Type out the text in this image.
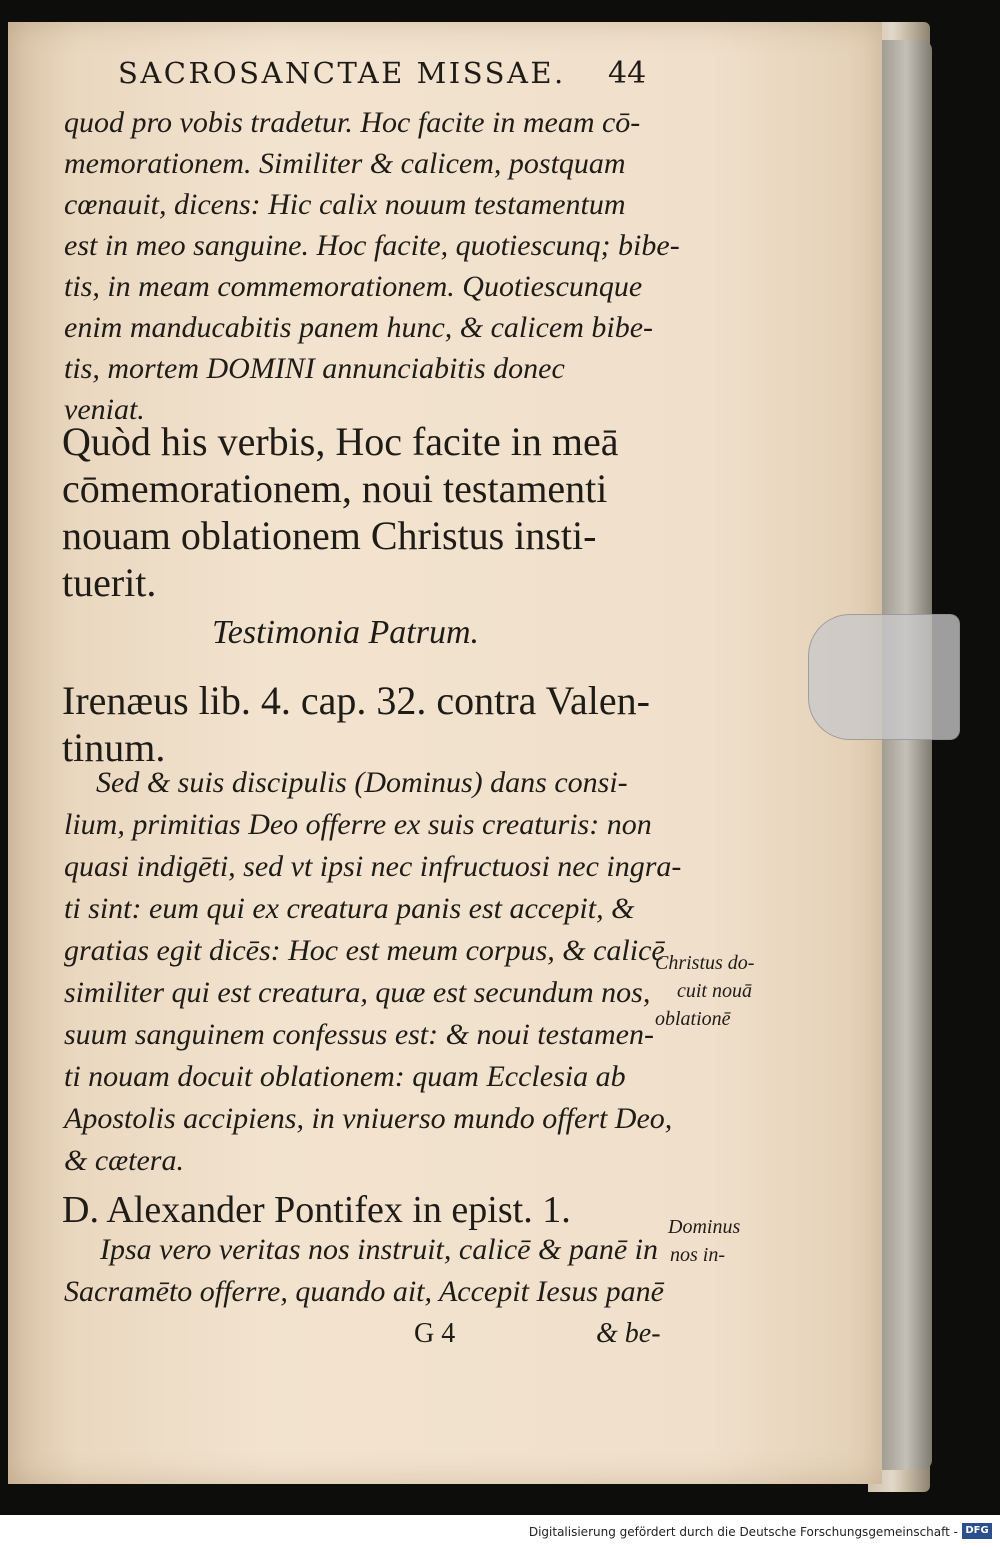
SACROSANCTAE MISSAE. 44
quod pro vobis tradetur. Hoc facite in meam cō-
memorationem. Similiter & calicem, postquam
cœnauit, dicens: Hic calix nouum testamentum
est in meo sanguine. Hoc facite, quotiescunq; bibe-
tis, in meam commemorationem. Quotiescunque
enim manducabitis panem hunc, & calicem bibe-
tis, mortem DOMINI annunciabitis donec
veniat.
Quòd his verbis, Hoc facite in meā
cōmemorationem, noui testamenti
nouam oblationem Christus insti-
tuerit.
Testimonia Patrum.
Irenæus lib. 4. cap. 32. contra Valen-
tinum.
Sed & suis discipulis (Dominus) dans consi-
lium, primitias Deo offerre ex suis creaturis: non
quasi indigēti, sed vt ipsi nec infructuosi nec ingra-
ti sint: eum qui ex creatura panis est accepit, &
gratias egit dicēs: Hoc est meum corpus, & calicē
similiter qui est creatura, quæ est secundum nos,
suum sanguinem confessus est: & noui testamen-
ti nouam docuit oblationem: quam Ecclesia ab
Apostolis accipiens, in vniuerso mundo offert Deo,
& cætera.
D. Alexander Pontifex in epist. 1.
Ipsa vero veritas nos instruit, calicē & panē in
Sacramēto offerre, quando ait, Accepit Iesus panē
G 4	& be-
Christus do-
cuit nouā
oblationē
Dominus
nos in-
Digitalisierung gefördert durch die Deutsche Forschungsgemeinschaft - DFG
